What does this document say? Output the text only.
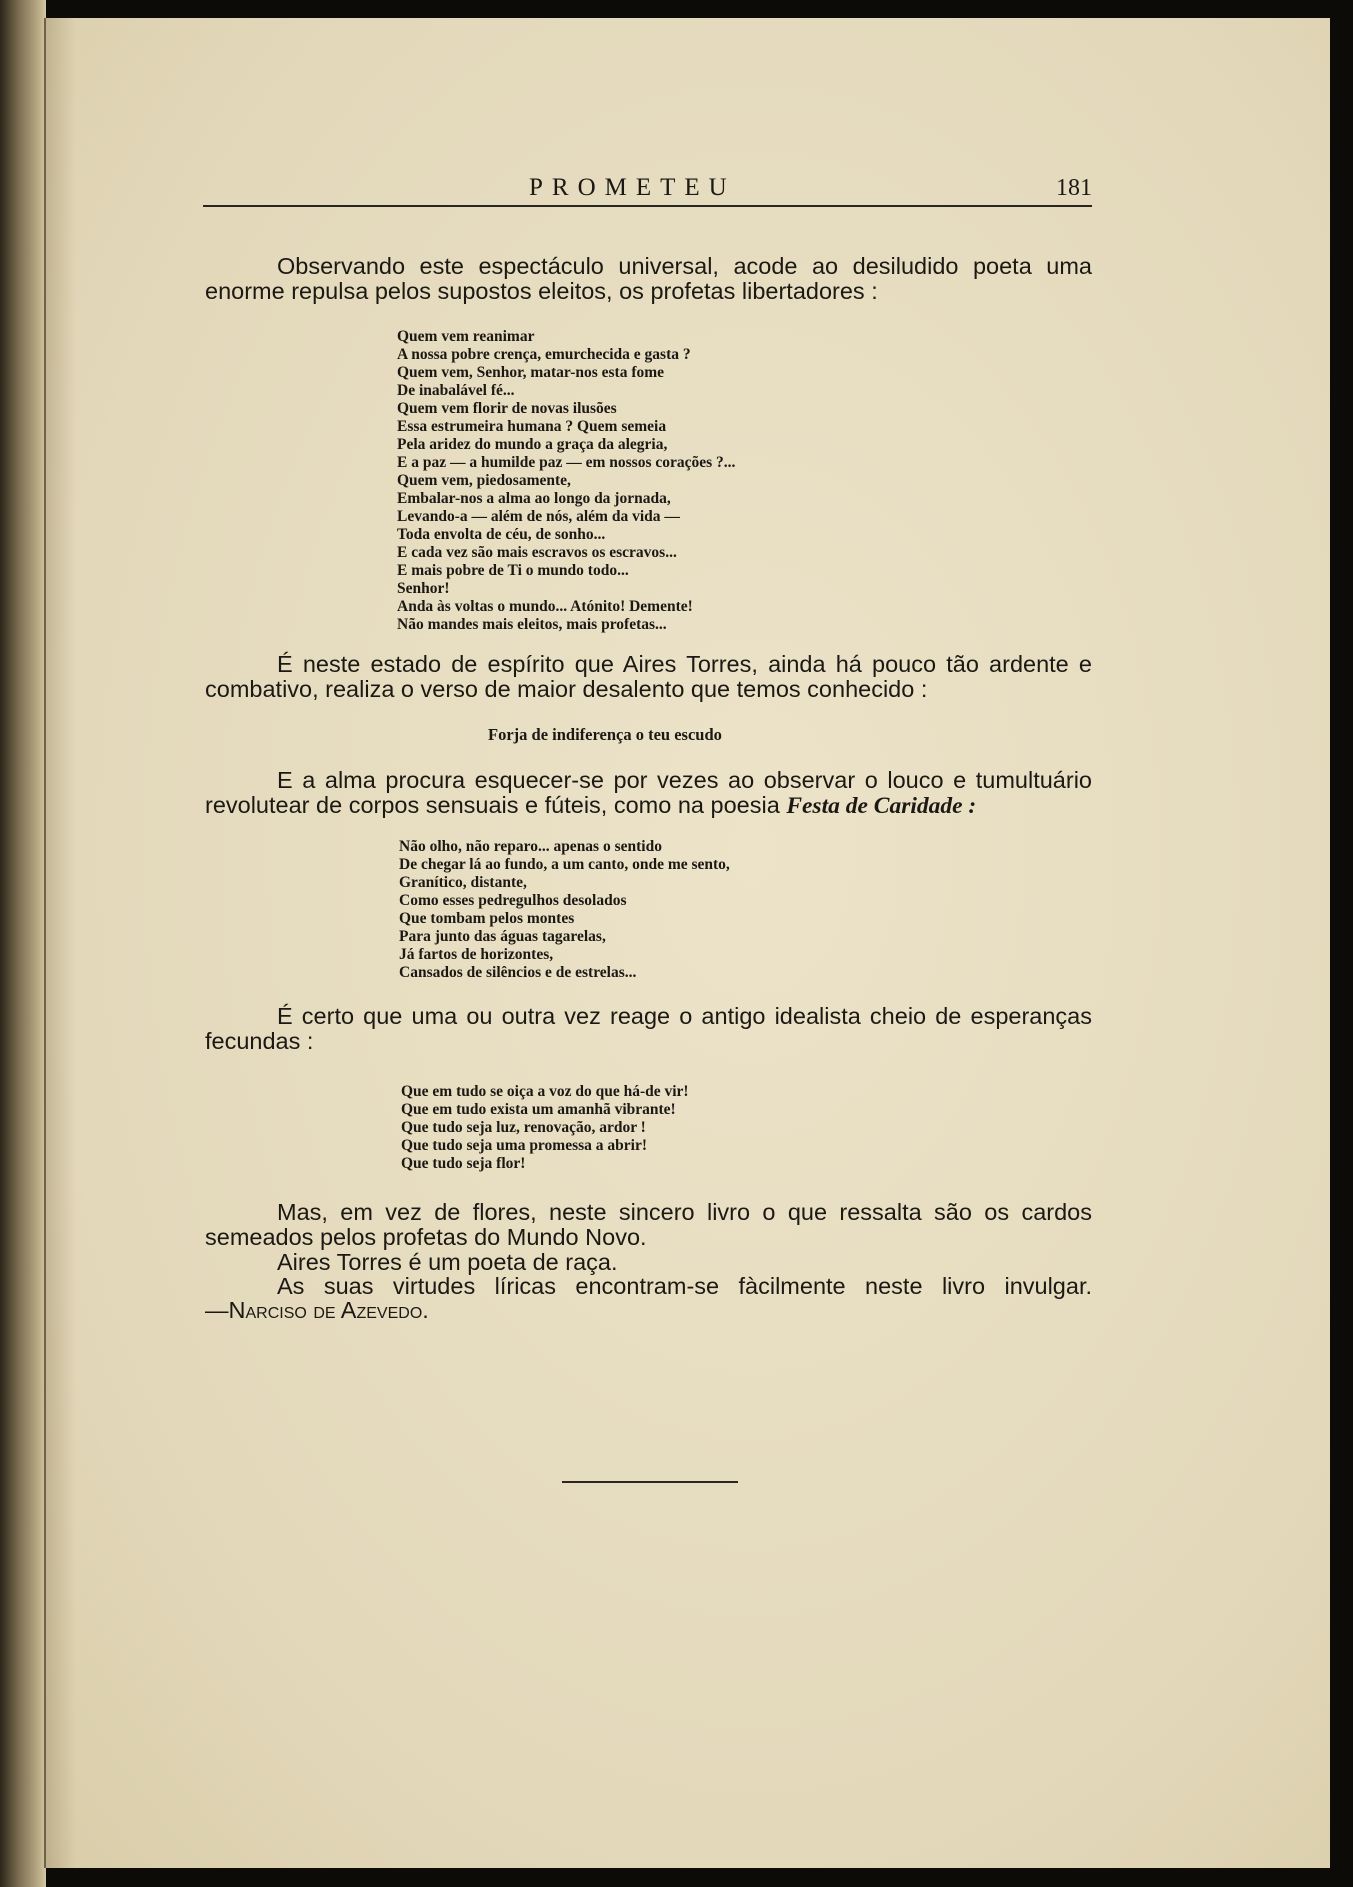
PROMETEU	181

Observando este espectáculo universal, acode ao desiludido poeta uma enorme repulsa pelos supostos eleitos, os profetas libertadores :

Quem vem reanimar
A nossa pobre crença, emurchecida e gasta ?
Quem vem, Senhor, matar-nos esta fome
De inabalável fé...
Quem vem florir de novas ilusões
Essa estrumeira humana ? Quem semeia
Pela aridez do mundo a graça da alegria,
E a paz — a humilde paz — em nossos corações ?...
Quem vem, piedosamente,
Embalar-nos a alma ao longo da jornada,
Levando-a — além de nós, além da vida —
Toda envolta de céu, de sonho...
E cada vez são mais escravos os escravos...
E mais pobre de Ti o mundo todo...
Senhor!
Anda às voltas o mundo... Atónito! Demente!
Não mandes mais eleitos, mais profetas...

É neste estado de espírito que Aires Torres, ainda há pouco tão ardente e combativo, realiza o verso de maior desalento que temos conhecido :

Forja de indiferença o teu escudo

E a alma procura esquecer-se por vezes ao observar o louco e tumultuário revolutear de corpos sensuais e fúteis, como na poesia Festa de Caridade :

Não olho, não reparo... apenas o sentido
De chegar lá ao fundo, a um canto, onde me sento,
Granítico, distante,
Como esses pedregulhos desolados
Que tombam pelos montes
Para junto das águas tagarelas,
Já fartos de horizontes,
Cansados de silêncios e de estrelas...

É certo que uma ou outra vez reage o antigo idealista cheio de esperanças fecundas :

Que em tudo se oiça a voz do que há-de vir!
Que em tudo exista um amanhã vibrante!
Que tudo seja luz, renovação, ardor !
Que tudo seja uma promessa a abrir!
Que tudo seja flor!

Mas, em vez de flores, neste sincero livro o que ressalta são os cardos semeados pelos profetas do Mundo Novo.

Aires Torres é um poeta de raça.

As suas virtudes líricas encontram-se fàcilmente neste livro invulgar.

—Narciso de Azevedo.
